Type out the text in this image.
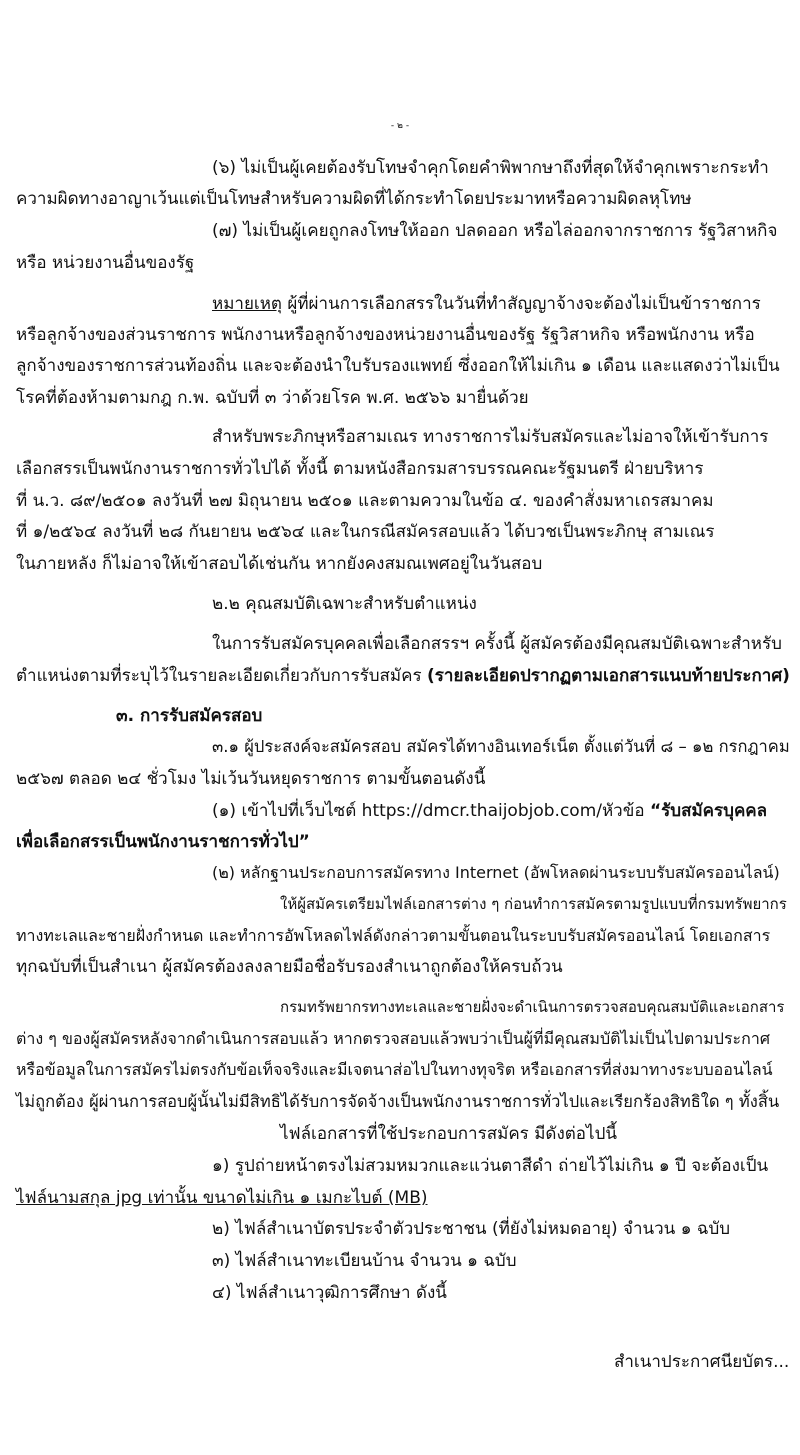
- ๒ -
(๖) ไม่เป็นผู้เคยต้องรับโทษจำคุกโดยคำพิพากษาถึงที่สุดให้จำคุกเพราะกระทำ
ความผิดทางอาญาเว้นแต่เป็นโทษสำหรับความผิดที่ได้กระทำโดยประมาทหรือความผิดลหุโทษ
(๗) ไม่เป็นผู้เคยถูกลงโทษให้ออก ปลดออก หรือไล่ออกจากราชการ รัฐวิสาหกิจ
หรือ หน่วยงานอื่นของรัฐ
หมายเหตุ ผู้ที่ผ่านการเลือกสรรในวันที่ทำสัญญาจ้างจะต้องไม่เป็นข้าราชการ
หรือลูกจ้างของส่วนราชการ พนักงานหรือลูกจ้างของหน่วยงานอื่นของรัฐ รัฐวิสาหกิจ หรือพนักงาน หรือ
ลูกจ้างของราชการส่วนท้องถิ่น และจะต้องนำใบรับรองแพทย์ ซึ่งออกให้ไม่เกิน ๑ เดือน และแสดงว่าไม่เป็น
โรคที่ต้องห้ามตามกฎ ก.พ. ฉบับที่ ๓ ว่าด้วยโรค พ.ศ. ๒๕๖๖ มายื่นด้วย
สำหรับพระภิกษุหรือสามเณร ทางราชการไม่รับสมัครและไม่อาจให้เข้ารับการ
เลือกสรรเป็นพนักงานราชการทั่วไปได้ ทั้งนี้ ตามหนังสือกรมสารบรรณคณะรัฐมนตรี ฝ่ายบริหาร
ที่ น.ว. ๘๙/๒๕๐๑ ลงวันที่ ๒๗ มิถุนายน ๒๕๐๑ และตามความในข้อ ๔. ของคำสั่งมหาเถรสมาคม
ที่ ๑/๒๕๖๔ ลงวันที่ ๒๘ กันยายน ๒๕๖๔ และในกรณีสมัครสอบแล้ว ได้บวชเป็นพระภิกษุ สามเณร
ในภายหลัง ก็ไม่อาจให้เข้าสอบได้เช่นกัน หากยังคงสมณเพศอยู่ในวันสอบ
๒.๒ คุณสมบัติเฉพาะสำหรับตำแหน่ง
ในการรับสมัครบุคคลเพื่อเลือกสรรฯ ครั้งนี้ ผู้สมัครต้องมีคุณสมบัติเฉพาะสำหรับ
ตำแหน่งตามที่ระบุไว้ในรายละเอียดเกี่ยวกับการรับสมัคร (รายละเอียดปรากฏตามเอกสารแนบท้ายประกาศ)
๓. การรับสมัครสอบ
๓.๑ ผู้ประสงค์จะสมัครสอบ สมัครได้ทางอินเทอร์เน็ต ตั้งแต่วันที่ ๘ – ๑๒ กรกฎาคม
๒๕๖๗ ตลอด ๒๔ ชั่วโมง ไม่เว้นวันหยุดราชการ ตามขั้นตอนดังนี้
(๑) เข้าไปที่เว็บไซต์ https://dmcr.thaijobjob.com/หัวข้อ “รับสมัครบุคคล
เพื่อเลือกสรรเป็นพนักงานราชการทั่วไป”
(๒) หลักฐานประกอบการสมัครทาง Internet (อัพโหลดผ่านระบบรับสมัครออนไลน์)
ให้ผู้สมัครเตรียมไฟล์เอกสารต่าง ๆ ก่อนทำการสมัครตามรูปแบบที่กรมทรัพยากร
ทางทะเลและชายฝั่งกำหนด และทำการอัพโหลดไฟล์ดังกล่าวตามขั้นตอนในระบบรับสมัครออนไลน์ โดยเอกสาร
ทุกฉบับที่เป็นสำเนา ผู้สมัครต้องลงลายมือชื่อรับรองสำเนาถูกต้องให้ครบถ้วน
กรมทรัพยากรทางทะเลและชายฝั่งจะดำเนินการตรวจสอบคุณสมบัติและเอกสาร
ต่าง ๆ ของผู้สมัครหลังจากดำเนินการสอบแล้ว หากตรวจสอบแล้วพบว่าเป็นผู้ที่มีคุณสมบัติไม่เป็นไปตามประกาศ
หรือข้อมูลในการสมัครไม่ตรงกับข้อเท็จจริงและมีเจตนาส่อไปในทางทุจริต หรือเอกสารที่ส่งมาทางระบบออนไลน์
ไม่ถูกต้อง ผู้ผ่านการสอบผู้นั้นไม่มีสิทธิได้รับการจัดจ้างเป็นพนักงานราชการทั่วไปและเรียกร้องสิทธิใด ๆ ทั้งสิ้น
ไฟล์เอกสารที่ใช้ประกอบการสมัคร มีดังต่อไปนี้
๑) รูปถ่ายหน้าตรงไม่สวมหมวกและแว่นตาสีดำ ถ่ายไว้ไม่เกิน ๑ ปี จะต้องเป็น
ไฟล์นามสกุล jpg เท่านั้น ขนาดไม่เกิน ๑ เมกะไบต์ (MB)
๒) ไฟล์สำเนาบัตรประจำตัวประชาชน (ที่ยังไม่หมดอายุ) จำนวน ๑ ฉบับ
๓) ไฟล์สำเนาทะเบียนบ้าน จำนวน ๑ ฉบับ
๔) ไฟล์สำเนาวุฒิการศึกษา ดังนี้
สำเนาประกาศนียบัตร...
